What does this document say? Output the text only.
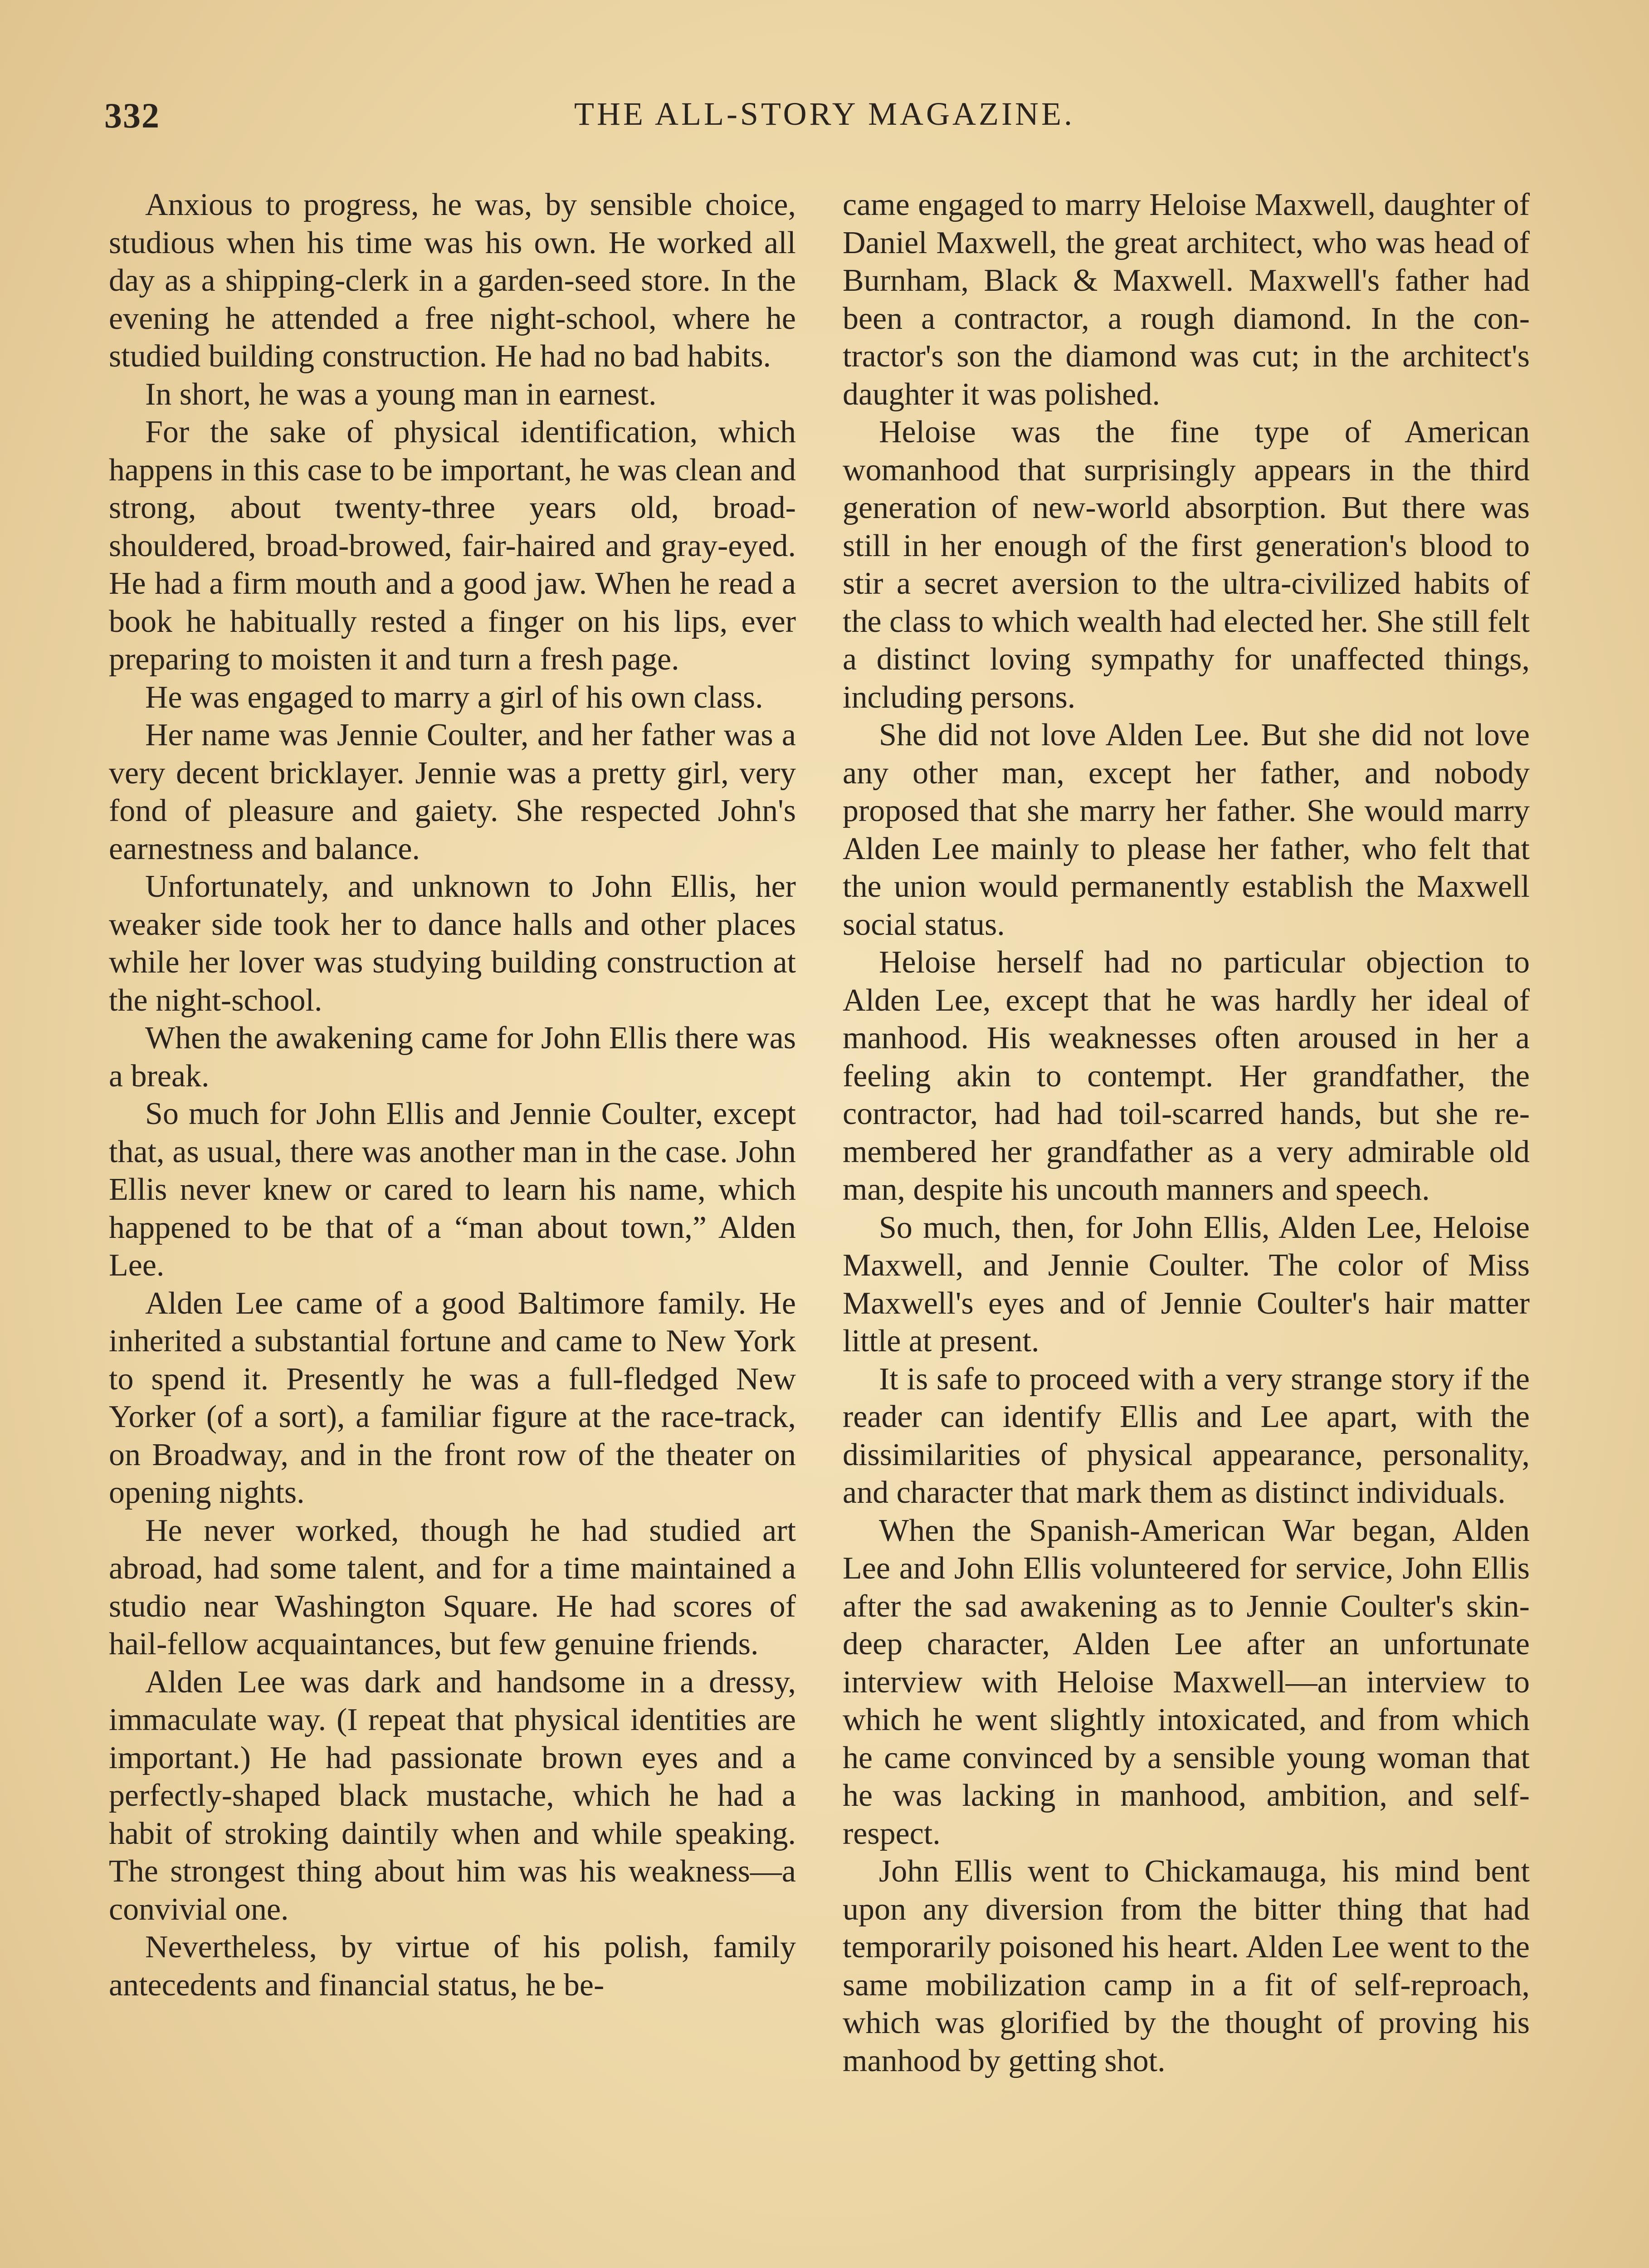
332	THE ALL-STORY MAGAZINE.

Anxious to progress, he was, by sensible choice, studious when his time was his own. He worked all day as a shipping-clerk in a garden-seed store. In the evening he attended a free night-school, where he studied building construction. He had no bad habits.

In short, he was a young man in earnest.

For the sake of physical identification, which happens in this case to be important, he was clean and strong, about twenty-three years old, broad-shouldered, broad-browed, fair-haired and gray-eyed. He had a firm mouth and a good jaw. When he read a book he habitually rested a finger on his lips, ever preparing to moisten it and turn a fresh page.

He was engaged to marry a girl of his own class.

Her name was Jennie Coulter, and her father was a very decent bricklayer. Jennie was a pretty girl, very fond of pleasure and gaiety. She respected John's earnestness and balance.

Unfortunately, and unknown to John Ellis, her weaker side took her to dance halls and other places while her lover was studying building construction at the night-school.

When the awakening came for John Ellis there was a break.

So much for John Ellis and Jennie Coulter, except that, as usual, there was another man in the case. John Ellis never knew or cared to learn his name, which happened to be that of a “man about town,” Alden Lee.

Alden Lee came of a good Baltimore family. He inherited a substantial fortune and came to New York to spend it. Presently he was a full-fledged New Yorker (of a sort), a familiar figure at the race-track, on Broadway, and in the front row of the theater on opening nights.

He never worked, though he had studied art abroad, had some talent, and for a time maintained a studio near Washington Square. He had scores of hail-fellow acquaintances, but few genuine friends.

Alden Lee was dark and handsome in a dressy, immaculate way. (I repeat that physical identities are important.) He had passionate brown eyes and a perfectly-shaped black mustache, which he had a habit of stroking daintily when and while speaking. The strongest thing about him was his weakness—a convivial one.

Nevertheless, by virtue of his polish, family antecedents and financial status, he be-

came engaged to marry Heloise Maxwell, daughter of Daniel Maxwell, the great architect, who was head of Burnham, Black & Maxwell. Maxwell's father had been a contractor, a rough diamond. In the contractor's son the diamond was cut; in the architect's daughter it was polished.

Heloise was the fine type of American womanhood that surprisingly appears in the third generation of new-world absorption. But there was still in her enough of the first generation's blood to stir a secret aversion to the ultra-civilized habits of the class to which wealth had elected her. She still felt a distinct loving sympathy for unaffected things, including persons.

She did not love Alden Lee. But she did not love any other man, except her father, and nobody proposed that she marry her father. She would marry Alden Lee mainly to please her father, who felt that the union would permanently establish the Maxwell social status.

Heloise herself had no particular objection to Alden Lee, except that he was hardly her ideal of manhood. His weaknesses often aroused in her a feeling akin to contempt. Her grandfather, the contractor, had had toil-scarred hands, but she remembered her grandfather as a very admirable old man, despite his uncouth manners and speech.

So much, then, for John Ellis, Alden Lee, Heloise Maxwell, and Jennie Coulter. The color of Miss Maxwell's eyes and of Jennie Coulter's hair matter little at present.

It is safe to proceed with a very strange story if the reader can identify Ellis and Lee apart, with the dissimilarities of physical appearance, personality, and character that mark them as distinct individuals.

When the Spanish-American War began, Alden Lee and John Ellis volunteered for service, John Ellis after the sad awakening as to Jennie Coulter's skin-deep character, Alden Lee after an unfortunate interview with Heloise Maxwell—an interview to which he went slightly intoxicated, and from which he came convinced by a sensible young woman that he was lacking in manhood, ambition, and self-respect.

John Ellis went to Chickamauga, his mind bent upon any diversion from the bitter thing that had temporarily poisoned his heart. Alden Lee went to the same mobilization camp in a fit of self-reproach, which was glorified by the thought of proving his manhood by getting shot.
